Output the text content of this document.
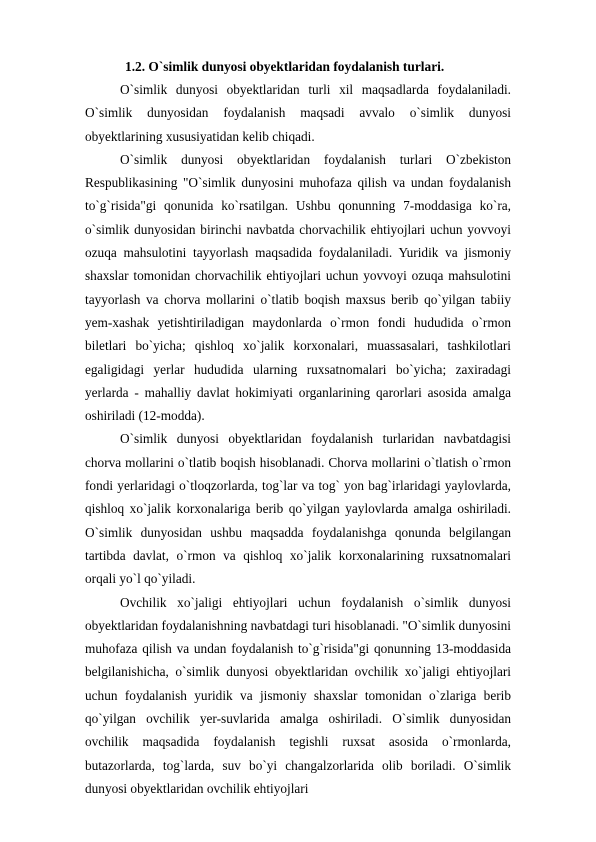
1.2. O`simlik dunyosi obyektlaridan foydalanish turlari.

O`simlik dunyosi obyektlaridan turli xil maqsadlarda foydalaniladi. O`simlik dunyosidan foydalanish maqsadi avvalo o`simlik dunyosi obyektlarining xususiyatidan kelib chiqadi.

O`simlik dunyosi obyektlaridan foydalanish turlari O`zbekiston Respublikasining "O`simlik dunyosini muhofaza qilish va undan foydalanish to`g`risida"gi qonunida ko`rsatilgan. Ushbu qonunning 7-moddasiga ko`ra, o`simlik dunyosidan birinchi navbatda chorvachilik ehtiyojlari uchun yovvoyi ozuqa mahsulotini tayyorlash maqsadida foydalaniladi. Yuridik va jismoniy shaxslar tomonidan chorvachilik ehtiyojlari uchun yovvoyi ozuqa mahsulotini tayyorlash va chorva mollarini o`tlatib boqish maxsus berib qo`yilgan tabiiy yem-xashak yetishtiriladigan maydonlarda o`rmon fondi hududida o`rmon biletlari bo`yicha; qishloq xo`jalik korxonalari, muassasalari, tashkilotlari egaligidagi yerlar hududida ularning ruxsatnomalari bo`yicha; zaxiradagi yerlarda - mahalliy davlat hokimiyati organlarining qarorlari asosida amalga oshiriladi (12-modda).

O`simlik dunyosi obyektlaridan foydalanish turlaridan navbatdagisi chorva mollarini o`tlatib boqish hisoblanadi. Chorva mollarini o`tlatish o`rmon fondi yerlaridagi o`tloqzorlarda, tog`lar va tog` yon bag`irlaridagi yaylovlarda, qishloq xo`jalik korxonalariga berib qo`yilgan yaylovlarda amalga oshiriladi. O`simlik dunyosidan ushbu maqsadda foydalanishga qonunda belgilangan tartibda davlat, o`rmon va qishloq xo`jalik korxonalarining ruxsatnomalari orqali yo`l qo`yiladi.

Ovchilik xo`jaligi ehtiyojlari uchun foydalanish o`simlik dunyosi obyektlaridan foydalanishning navbatdagi turi hisoblanadi. "O`simlik dunyosini muhofaza qilish va undan foydalanish to`g`risida"gi qonunning 13-moddasida belgilanishicha, o`simlik dunyosi obyektlaridan ovchilik xo`jaligi ehtiyojlari uchun foydalanish yuridik va jismoniy shaxslar tomonidan o`zlariga berib qo`yilgan ovchilik yer-suvlarida amalga oshiriladi. O`simlik dunyosidan ovchilik maqsadida foydalanish tegishli ruxsat asosida o`rmonlarda, butazorlarda, tog`larda, suv bo`yi changalzorlarida olib boriladi. O`simlik dunyosi obyektlaridan ovchilik ehtiyojlari
